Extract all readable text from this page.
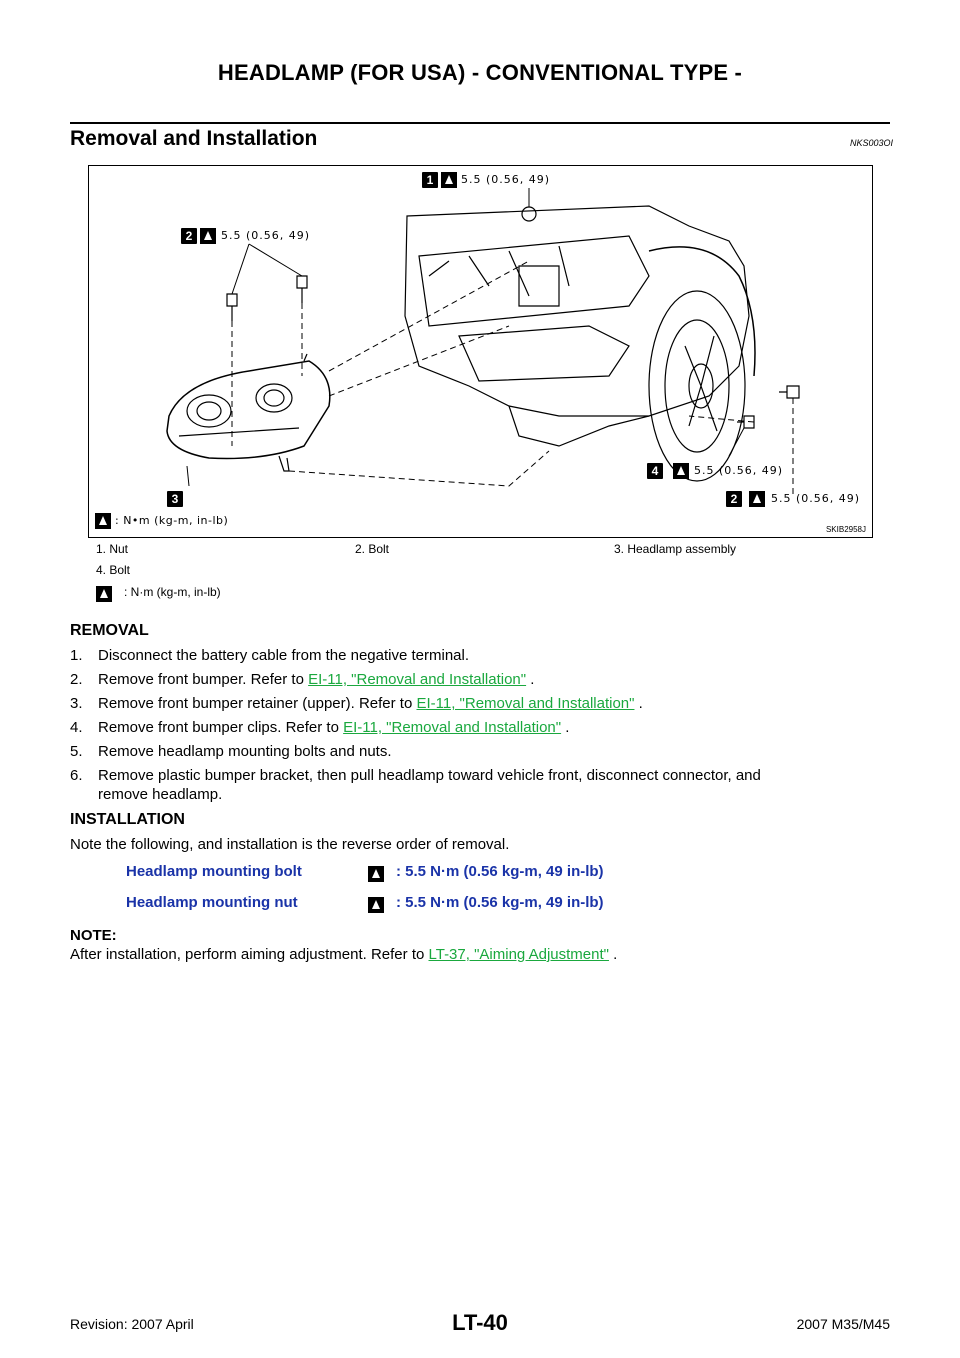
HEADLAMP (FOR USA) - CONVENTIONAL TYPE -
Removal and Installation	NKS003OI
1	5.5 (0.56, 49)
2	5.5 (0.56, 49)
4	5.5 (0.56, 49)
2	5.5 (0.56, 49)
3
: N•m (kg-m, in-lb)
SKIB2958J
1. Nut	2. Bolt	3. Headlamp assembly
4. Bolt
: N·m (kg-m, in-lb)
REMOVAL
1. Disconnect the battery cable from the negative terminal.
2. Remove front bumper. Refer to EI-11, "Removal and Installation" .
3. Remove front bumper retainer (upper). Refer to EI-11, "Removal and Installation" .
4. Remove front bumper clips. Refer to EI-11, "Removal and Installation" .
5. Remove headlamp mounting bolts and nuts.
6. Remove plastic bumper bracket, then pull headlamp toward vehicle front, disconnect connector, and
remove headlamp.
INSTALLATION
Note the following, and installation is the reverse order of removal.
Headlamp mounting bolt	: 5.5 N·m (0.56 kg-m, 49 in-lb)
Headlamp mounting nut	: 5.5 N·m (0.56 kg-m, 49 in-lb)
NOTE:
After installation, perform aiming adjustment. Refer to LT-37, "Aiming Adjustment" .
Revision: 2007 April	LT-40	2007 M35/M45
